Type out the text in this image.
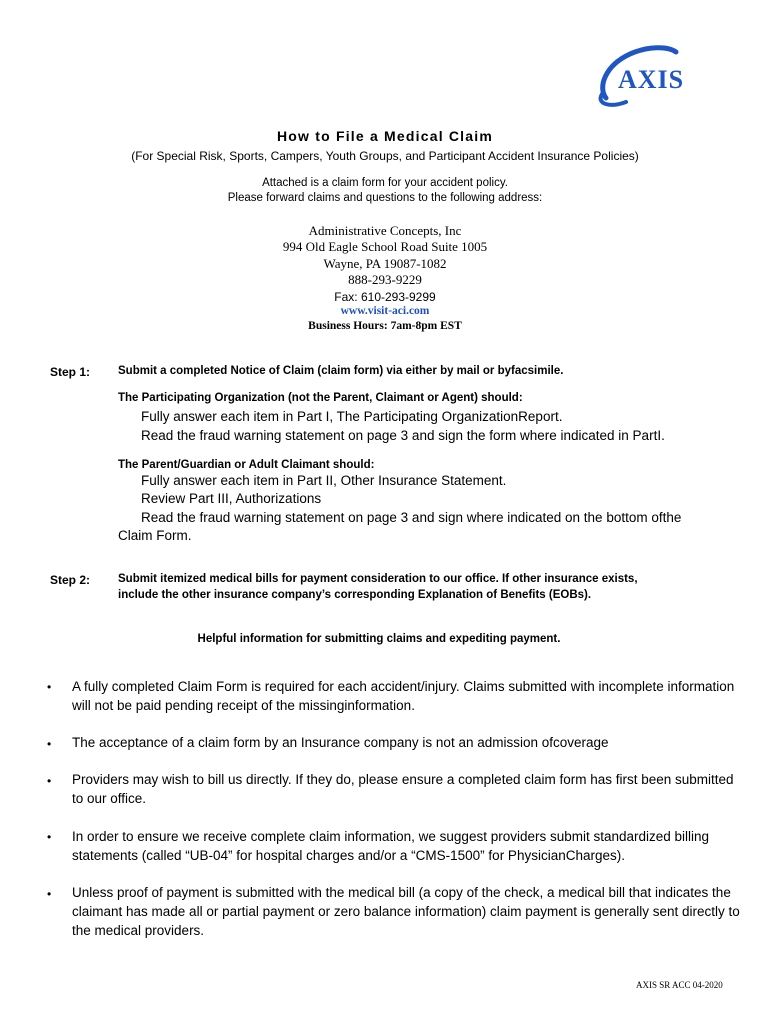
AXIS
How to File a Medical Claim
(For Special Risk, Sports, Campers, Youth Groups, and Participant Accident Insurance Policies)
Attached is a claim form for your accident policy.
Please forward claims and questions to the following address:
Administrative Concepts, Inc
994 Old Eagle School Road Suite 1005
Wayne, PA 19087-1082
888-293-9229
Fax: 610-293-9299
www.visit-aci.com
Business Hours: 7am-8pm EST
Step 1: Submit a completed Notice of Claim (claim form) via either by mail or byfacsimile.
The Participating Organization (not the Parent, Claimant or Agent) should:
Fully answer each item in Part I, The Participating OrganizationReport.
Read the fraud warning statement on page 3 and sign the form where indicated in PartI.
The Parent/Guardian or Adult Claimant should:
Fully answer each item in Part II, Other Insurance Statement.
Review Part III, Authorizations
Read the fraud warning statement on page 3 and sign where indicated on the bottom ofthe
Claim Form.
Step 2: Submit itemized medical bills for payment consideration to our office. If other insurance exists,
include the other insurance company’s corresponding Explanation of Benefits (EOBs).
Helpful information for submitting claims and expediting payment.
• A fully completed Claim Form is required for each accident/injury. Claims submitted with incomplete information will not be paid pending receipt of the missinginformation.
• The acceptance of a claim form by an Insurance company is not an admission ofcoverage
• Providers may wish to bill us directly. If they do, please ensure a completed claim form has first been submitted to our office.
• In order to ensure we receive complete claim information, we suggest providers submit standardized billing statements (called “UB-04” for hospital charges and/or a “CMS-1500” for PhysicianCharges).
• Unless proof of payment is submitted with the medical bill (a copy of the check, a medical bill that indicates the claimant has made all or partial payment or zero balance information) claim payment is generally sent directly to the medical providers.
AXIS SR ACC 04-2020
